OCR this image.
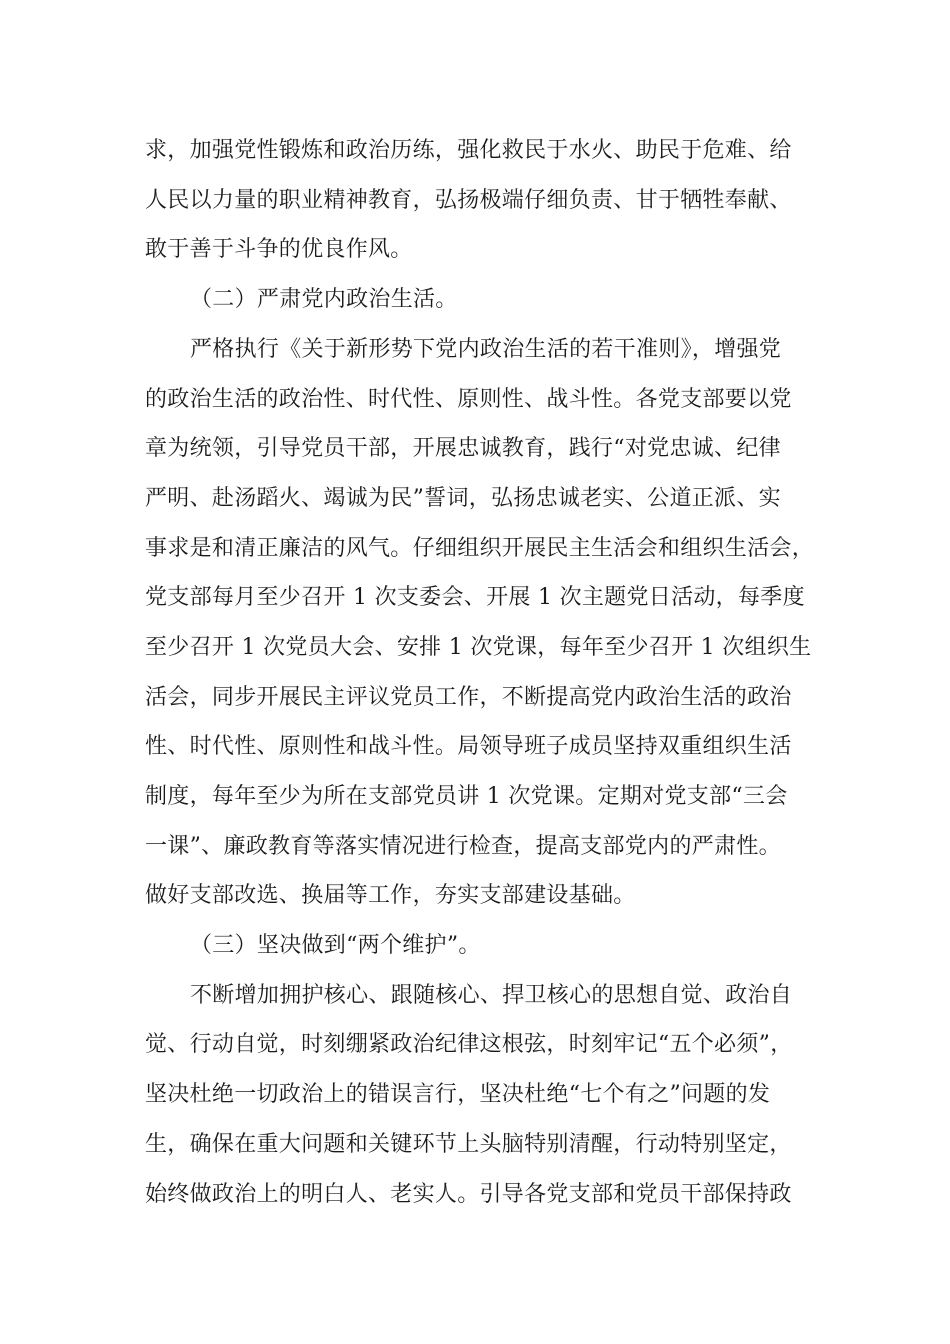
求，加强党性锻炼和政治历练，强化救民于水火、助民于危难、给
人民以力量的职业精神教育，弘扬极端仔细负责、甘于牺牲奉献、
敢于善于斗争的优良作风。
（二）严肃党内政治生活。
严格执行《关于新形势下党内政治生活的若干准则》，增强党
的政治生活的政治性、时代性、原则性、战斗性。各党支部要以党
章为统领，引导党员干部，开展忠诚教育，践行“对党忠诚、纪律
严明、赴汤蹈火、竭诚为民”誓词，弘扬忠诚老实、公道正派、实
事求是和清正廉洁的风气。仔细组织开展民主生活会和组织生活会，
党支部每月至少召开 1 次支委会、开展 1 次主题党日活动，每季度
至少召开 1 次党员大会、安排 1 次党课，每年至少召开 1 次组织生
活会，同步开展民主评议党员工作，不断提高党内政治生活的政治
性、时代性、原则性和战斗性。局领导班子成员坚持双重组织生活
制度，每年至少为所在支部党员讲 1 次党课。定期对党支部“三会
一课”、廉政教育等落实情况进行检查，提高支部党内的严肃性。
做好支部改选、换届等工作，夯实支部建设基础。
（三）坚决做到“两个维护”。
不断增加拥护核心、跟随核心、捍卫核心的思想自觉、政治自
觉、行动自觉，时刻绷紧政治纪律这根弦，时刻牢记“五个必须”，
坚决杜绝一切政治上的错误言行，坚决杜绝“七个有之”问题的发
生，确保在重大问题和关键环节上头脑特别清醒，行动特别坚定，
始终做政治上的明白人、老实人。引导各党支部和党员干部保持政
